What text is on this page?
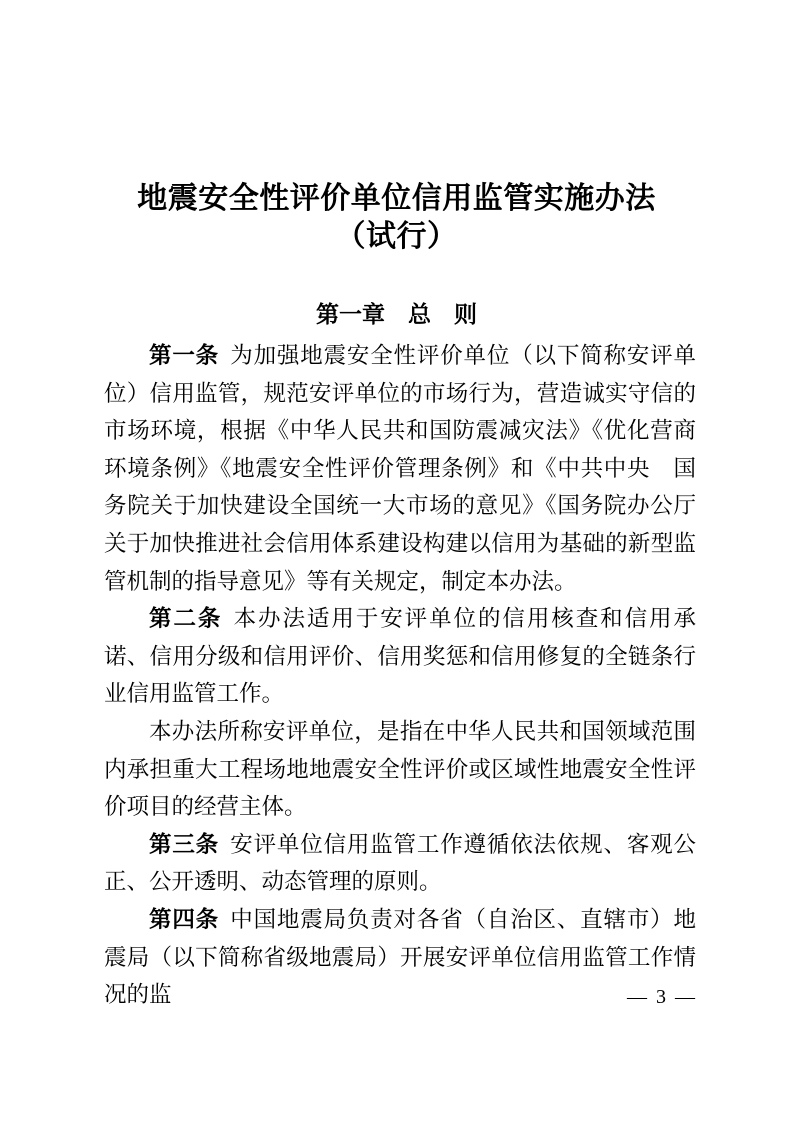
地震安全性评价单位信用监管实施办法
（试行）
第一章　总　则

第一条 为加强地震安全性评价单位（以下简称安评单位）信用监管，规范安评单位的市场行为，营造诚实守信的市场环境，根据《中华人民共和国防震减灾法》《优化营商环境条例》《地震安全性评价管理条例》和《中共中央　国务院关于加快建设全国统一大市场的意见》《国务院办公厅关于加快推进社会信用体系建设构建以信用为基础的新型监管机制的指导意见》等有关规定，制定本办法。

第二条 本办法适用于安评单位的信用核查和信用承诺、信用分级和信用评价、信用奖惩和信用修复的全链条行业信用监管工作。

本办法所称安评单位，是指在中华人民共和国领域范围内承担重大工程场地地震安全性评价或区域性地震安全性评价项目的经营主体。

第三条 安评单位信用监管工作遵循依法依规、客观公正、公开透明、动态管理的原则。

第四条 中国地震局负责对各省（自治区、直辖市）地震局（以下简称省级地震局）开展安评单位信用监管工作情况的监	— 3 —
